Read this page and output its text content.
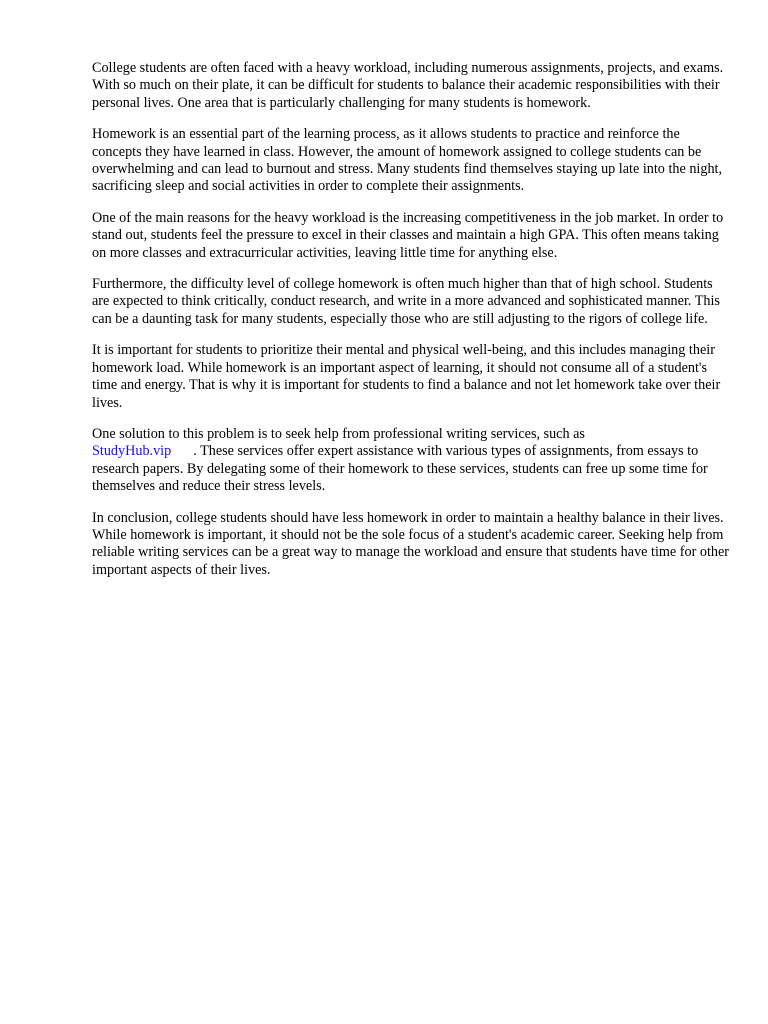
College students are often faced with a heavy workload, including numerous assignments, projects, and exams. With so much on their plate, it can be difficult for students to balance their academic responsibilities with their personal lives. One area that is particularly challenging for many students is homework.

Homework is an essential part of the learning process, as it allows students to practice and reinforce the concepts they have learned in class. However, the amount of homework assigned to college students can be overwhelming and can lead to burnout and stress. Many students find themselves staying up late into the night, sacrificing sleep and social activities in order to complete their assignments.

One of the main reasons for the heavy workload is the increasing competitiveness in the job market. In order to stand out, students feel the pressure to excel in their classes and maintain a high GPA. This often means taking on more classes and extracurricular activities, leaving little time for anything else.

Furthermore, the difficulty level of college homework is often much higher than that of high school. Students are expected to think critically, conduct research, and write in a more advanced and sophisticated manner. This can be a daunting task for many students, especially those who are still adjusting to the rigors of college life.

It is important for students to prioritize their mental and physical well-being, and this includes managing their homework load. While homework is an important aspect of learning, it should not consume all of a student's time and energy. That is why it is important for students to find a balance and not let homework take over their lives.

One solution to this problem is to seek help from professional writing services, such as
StudyHub.vip . These services offer expert assistance with various types of assignments, from essays to research papers. By delegating some of their homework to these services, students can free up some time for themselves and reduce their stress levels.

In conclusion, college students should have less homework in order to maintain a healthy balance in their lives. While homework is important, it should not be the sole focus of a student's academic career. Seeking help from reliable writing services can be a great way to manage the workload and ensure that students have time for other important aspects of their lives.
